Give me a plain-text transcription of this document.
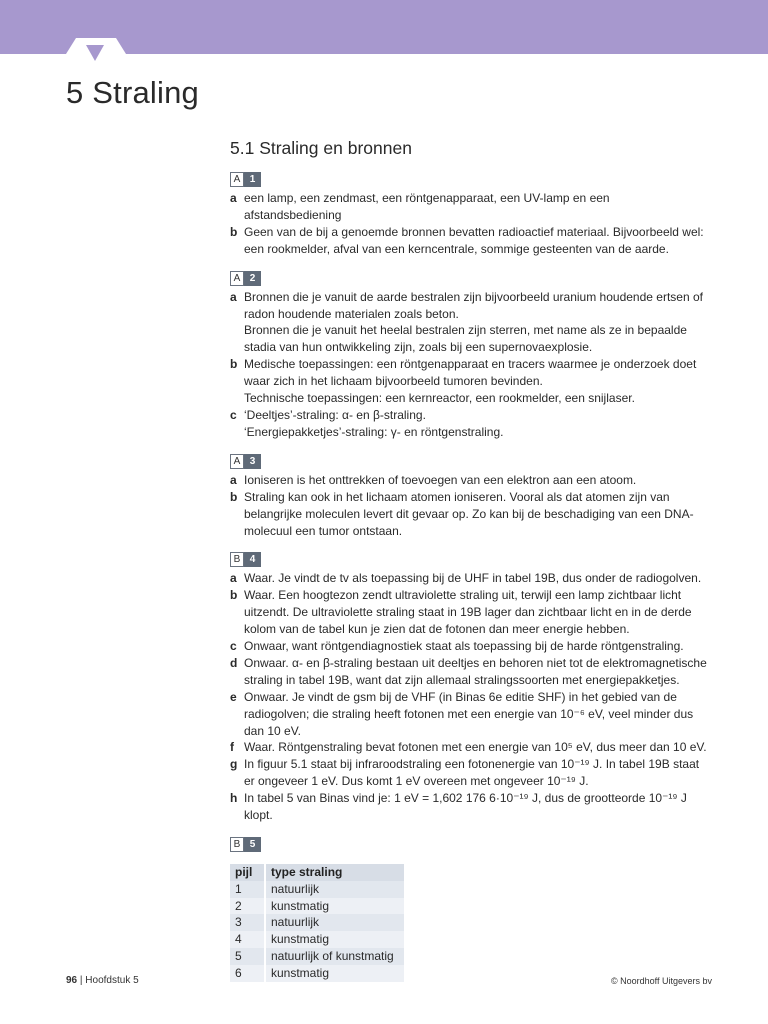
5 Straling
5.1 Straling en bronnen
A 1
a een lamp, een zendmast, een röntgenapparaat, een UV-lamp en een afstandsbediening
b Geen van de bij a genoemde bronnen bevatten radioactief materiaal. Bijvoorbeeld wel: een rookmelder, afval van een kerncentrale, sommige gesteenten van de aarde.
A 2
a Bronnen die je vanuit de aarde bestralen zijn bijvoorbeeld uranium houdende ertsen of radon houdende materialen zoals beton.
Bronnen die je vanuit het heelal bestralen zijn sterren, met name als ze in bepaalde stadia van hun ontwikkeling zijn, zoals bij een supernovaexplosie.
b Medische toepassingen: een röntgenapparaat en tracers waarmee je onderzoek doet waar zich in het lichaam bijvoorbeeld tumoren bevinden.
Technische toepassingen: een kernreactor, een rookmelder, een snijlaser.
c ‘Deeltjes’-straling: α- en β-straling.
‘Energiepakketjes’-straling: γ- en röntgenstraling.
A 3
a Ioniseren is het onttrekken of toevoegen van een elektron aan een atoom.
b Straling kan ook in het lichaam atomen ioniseren. Vooral als dat atomen zijn van belangrijke moleculen levert dit gevaar op. Zo kan bij de beschadiging van een DNA-molecuul een tumor ontstaan.
B 4
a Waar. Je vindt de tv als toepassing bij de UHF in tabel 19B, dus onder de radiogolven.
b Waar. Een hoogtezon zendt ultraviolette straling uit, terwijl een lamp zichtbaar licht uitzendt. De ultraviolette straling staat in 19B lager dan zichtbaar licht en in de derde kolom van de tabel kun je zien dat de fotonen dan meer energie hebben.
c Onwaar, want röntgendiagnostiek staat als toepassing bij de harde röntgenstraling.
d Onwaar. α- en β-straling bestaan uit deeltjes en behoren niet tot de elektromagnetische straling in tabel 19B, want dat zijn allemaal stralingssoorten met energiepakketjes.
e Onwaar. Je vindt de gsm bij de VHF (in Binas 6e editie SHF) in het gebied van de radiogolven; die straling heeft fotonen met een energie van 10⁻⁶ eV, veel minder dus dan 10 eV.
f Waar. Röntgenstraling bevat fotonen met een energie van 10⁵ eV, dus meer dan 10 eV.
g In figuur 5.1 staat bij infraroodstraling een fotonenergie van 10⁻¹⁹ J. In tabel 19B staat er ongeveer 1 eV. Dus komt 1 eV overeen met ongeveer 10⁻¹⁹ J.
h In tabel 5 van Binas vind je: 1 eV = 1,602 176 6·10⁻¹⁹ J, dus de grootteorde 10⁻¹⁹ J klopt.
B 5
pijl	type straling
1	natuurlijk
2	kunstmatig
3	natuurlijk
4	kunstmatig
5	natuurlijk of kunstmatig
6	kunstmatig
96 | Hoofdstuk 5	© Noordhoff Uitgevers bv
